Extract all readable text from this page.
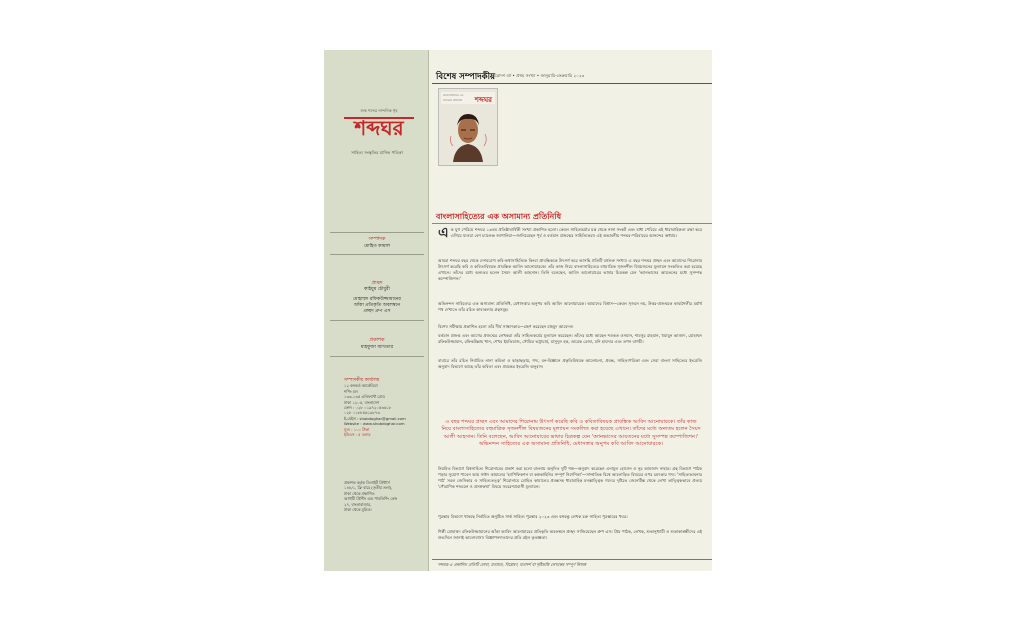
শুদ্ধ শব্দের নান্দনিক গৃহ
শব্দঘর
সাহিত্য সংস্কৃতির মাসিক পত্রিকা
সম্পাদক
মোহিত কামাল
প্রচ্ছদ
কাইয়ুম চৌধুরী
মোহাম্মদ রফিকউজ্জামানের
আঁকা প্রতিকৃতি অবলম্বনে
প্রচ্ছদ গ্রুপ এস
প্রকাশক
মাহফুজা আখতার
সম্পাদকীয় কার্যালয়
১২ কনকর্ড আর্কেডিয়া
শপিং মল
১৩৩-১৩৫ এলিফ্যান্ট রোড
ঢাকা ১২০৫, বাংলাদেশ
ফোন : ০২৮ ০১৯৭২০৫৩৬১৮
০২৮ ০১৮৮৫৬১৯৮৭৩
ই-মেইল : shobdoghar@gmail.com
Website : www.shobdoghar.com
মূল্য : ১০০ টাকা
ইউএস : ৫ ডলার
প্রকাশক কর্তৃক ডিলাইট প্রিন্টার্স
১৪৮/১, ফ্রি বারে (তৃতীয় তলা),
ঢাকা থেকে প্রকাশিত
আগামী প্রিন্টিং এন্ড পাবলিশিং কোং
২৭, বাংলাবাজার,
ঢাকা থেকে মুদ্রিত।
বিশেষ সম্পাদকীয়
ত্রয়োদশ বর্ষ • প্রথম সংখ্যা • জানুয়ারি-ফেব্রুয়ারি ২০২৩
বাংলাসাহিত্যের এক অসামান্য প্রতিনিধি	শব্দঘর
বাংলাসাহিত্যের এক অসামান্য প্রতিনিধি
এ ক যুগ পেরিয়ে শব্দঘর ১৩তম প্রতিষ্ঠাবার্ষিকী সংখ্যা প্রকাশিত হলো। কেবল সাহিত্যচর্চার মন্ত্র থেকে নানা সংকট এবং বাধা পেরিয়ে এই ধারাবাহিকতা রক্ষা করে এগিয়ে যাওয়া বেশ চ্যালেঞ্জ জাগানিয়া—জানিয়েছেন পূর্ব ও বর্তমান প্রজন্মের সাহিত্যিকরা। এই অভাবনীয় শব্দঘর-পরিবারের আনন্দের অধ্যায়।
আমরা শব্দঘর বছর থেকে দেশবরেণ্য কবি-কথাসাহিত্যিক কিংবা প্রাবন্ধিককে উৎসর্গ করে আসছি প্রতিটি বর্ষশুরু সংখ্যা। এ বছর শব্দঘর প্রচ্ছদ এবং আমাদের শিরোনাম উৎসর্গ করেছি কবি ও কবিতাবিষয়ক প্রাবন্ধিক আবিদ আনোয়ারকে। তাঁর কাজ নিয়ে বাংলাসাহিত্যের বহুমাত্রিক সৃজনশীল বিষয়জনের মূল্যায়ন সংকলিত করা হয়েছে এখানে। তাঁদের মধ্যে অন্যতম হলেন সৈয়দ আলী আহসান। তিনি বলেছেন, আবিদ আনোয়ারের ভাষার চিত্রকল্প যেন 'ক্যানভাসের আয়তনের মধ্যে সুসম্পন্ন কম্পোজিশন।'
অভিনন্দন সাহিত্যের এক অসামান্য প্রতিনিধি, মেধাসত্তার অনুপম কবি আবিদ আনোয়ারকে। আমাদের বিশ্বাস—কেবল সৃজনে নয়, উত্তর-প্রজন্মকে কাব্যশৈলীর মর্মার্থ পথ দেখাতে তাঁর রচিত কাব্যকলার গ্রন্থসমূহ।
বিশেষ সমীক্ষায় প্রকাশিত হলো তাঁর দীর্ঘ সাক্ষাৎকার—গ্রহণ করেছেন মাহমুদ আবেদন।
বর্তমান প্রজন্ম এবং আগের প্রজন্মের লেখকরা তাঁর সাহিত্যকর্মের মূল্যায়ন করেছেন। তাঁদের মধ্যে আছেন শওকত ওসমান, শামসুর রাহমান, হুমায়ুন আজাদ, মোহাম্মদ রফিকউজ্জামান, রফিকউল্লাহ খান, শেখর ইমতিয়াজ, সৌমিত্র ভট্টাচার্য, মাসুদুল হক, তারেক রেজা, মনি হায়দার এবং তপন বাগচী।
বাবারে তাঁর রচিত নির্বাচিত নানা কবিতা ও ছাড়াছড়ায়, গদ্য, বন-বিজ্ঞানে প্রকৃতিবিষয়ক আলোচনা, প্রবন্ধ, সাহিত্যপত্রিকা এবং সেরা বাংলা সাহিত্যের ইংরেজি অনুবাদ বিভাগে আছে তাঁর কবিতা এবং প্রবন্ধের ইংরেজি অনুবাদ।
এ বছর শব্দঘর প্রচ্ছদ এবং আমাদের শিরোনাম উৎসর্গ করেছি কবি ও কবিতাবিষয়ক প্রাবন্ধিক আবিদ আনোয়ারকে। তাঁর কাজ নিয়ে বাংলাসাহিত্যের বহুমাত্রিক সৃজনশীল বিষয়জনের মূল্যায়ন সংকলিত করা হয়েছে এখানে। তাঁদের মধ্যে অন্যতম হলেন সৈয়দ আলী আহসান। তিনি বলেছেন, আবিদ আনোয়ারের ভাষার চিত্রকল্প যেন 'ক্যানভাসের আয়তনের মধ্যে সুসম্পন্ন কম্পোজিশন।' অভিনন্দন সাহিত্যের এক অসামান্য প্রতিনিধি, মেধাসত্তার অনুপম কবি আবিদ আনোয়ারকে।
নিয়মিত বিভাগে বিশ্বসাহিত্য শিরোনামের প্রকাশ করা হলো বাংলায় অনূদিত দুটি গল্প—অনুবাদ করেছেন এনামুল হোসেন ও নূর আমজাদ নাহার। গ্রন্থ বিভাগে পাঠক পড়ার সুযোগ পাবেন আয় সাঈদ কামালের 'হ্যাপিফিকশন বা কল্পকাহিনির সম্পূর্ণ নির্দেশিকা'—সাম্প্রতিক বিশ্বে আলোড়িত বিষয়ের ওপর চমৎকার গদ্য। 'সাহিত্যভাবনার পাঠ' সরল জেসিকার ও সাহিত্যতত্ত্ব' শিরোনামে মোহিত কামালের প্রবন্ধসহ ধারাবাহিক মনস্তাত্ত্বিক গদ্যের দৃষ্টিতে জেনেটিক্স থেকে লেখা তাত্ত্বিকভাবে প্রত্যয় 'পৌরাণিক শব্দচয়ন ও প্রসঙ্গকথা' বিষয়ে সমরেশপ্রবাসী মূল্যায়ন।
পুরস্কার বিভাগে থাকছে নির্বাচিত অনুষ্ঠিত সার্ক সাহিত্য পুরস্কার ২০২৩ এবং বঙ্গবন্ধু লেখক চক্র সাহিত্য পুরস্কারের খবর।
শিল্পী মোহাম্মদ রফিকউজ্জামানের আঁকা আবিদ আনোয়ারের প্রতিকৃতি অবলম্বনে প্রচ্ছদ সাজিয়েছেন গ্রুপ এস। প্রিয় পাঠক, লেখক, শুভানুধ্যায়ী ও শুভাকাঙ্ক্ষীদের এই শুভদিনে জানাই ভালোবাসা। বিজ্ঞাপনদাতাদের প্রতি রইল কৃতজ্ঞতা।
শব্দঘর-এ প্রকাশিত প্রতিটি লেখা, মতামত, বিশ্লেষণ, মতাদর্শ বা দৃষ্টিভঙ্গি লেখকের সম্পূর্ণ নিজস্ব
